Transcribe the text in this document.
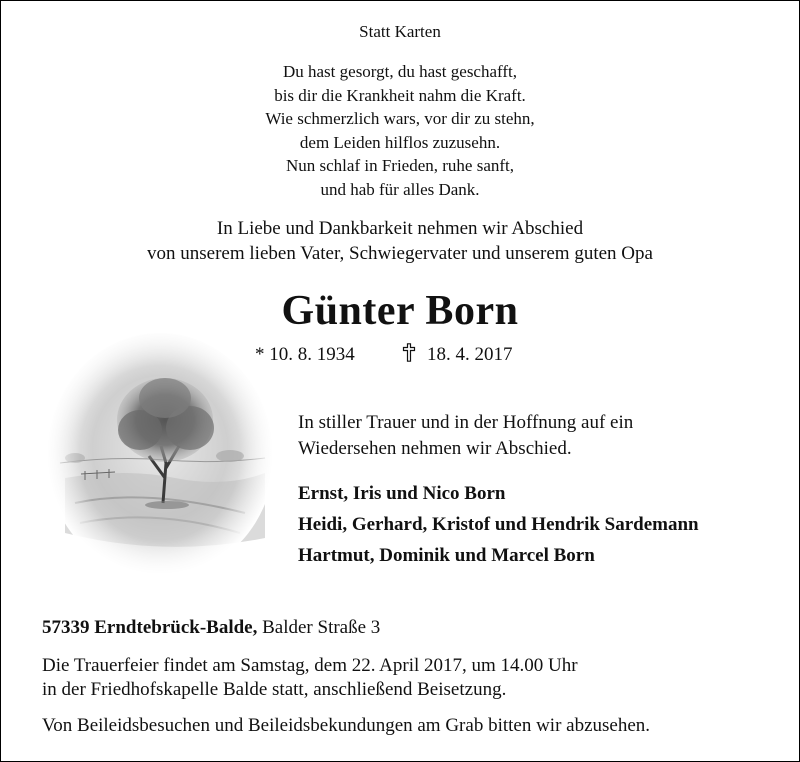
Statt Karten
Du hast gesorgt, du hast geschafft,
bis dir die Krankheit nahm die Kraft.
Wie schmerzlich wars, vor dir zu stehn,
dem Leiden hilflos zuzusehn.
Nun schlaf in Frieden, ruhe sanft,
und hab für alles Dank.
In Liebe und Dankbarkeit nehmen wir Abschied
von unserem lieben Vater, Schwiegervater und unserem guten Opa
Günter Born
* 10. 8. 1934	18. 4. 2017
In stiller Trauer und in der Hoffnung auf ein
Wiedersehen nehmen wir Abschied.
Ernst, Iris und Nico Born
Heidi, Gerhard, Kristof und Hendrik Sardemann
Hartmut, Dominik und Marcel Born
57339 Erndtebrück-Balde, Balder Straße 3
Die Trauerfeier findet am Samstag, dem 22. April 2017, um 14.00 Uhr
in der Friedhofskapelle Balde statt, anschließend Beisetzung.
Von Beileidsbesuchen und Beileidsbekundungen am Grab bitten wir abzusehen.
